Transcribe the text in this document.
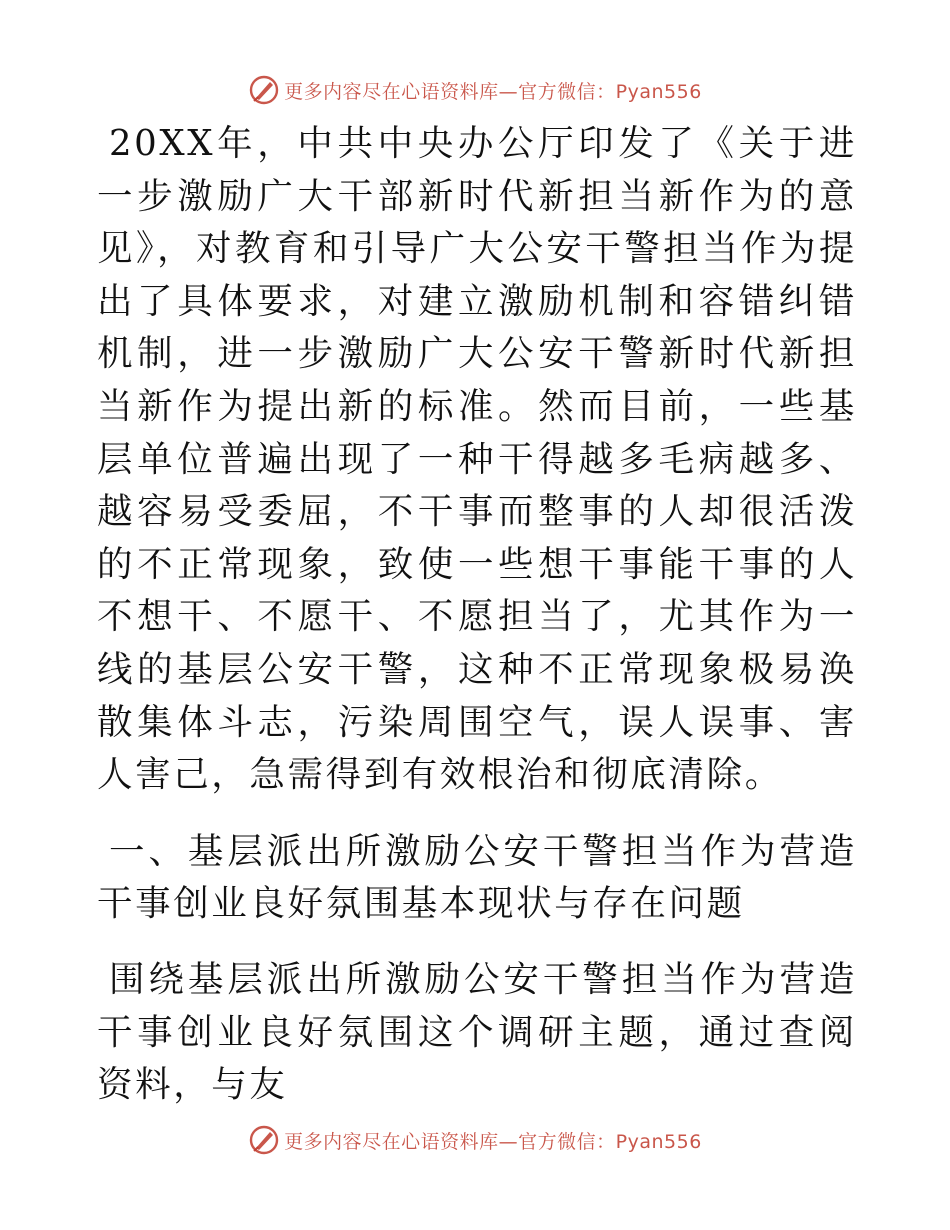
更多内容尽在心语资料库—官方微信：Pyan556

20XX年，中共中央办公厅印发了《关于进一步激励广大干部新时代新担当新作为的意见》，对教育和引导广大公安干警担当作为提出了具体要求，对建立激励机制和容错纠错机制，进一步激励广大公安干警新时代新担当新作为提出新的标准。然而目前，一些基层单位普遍出现了一种干得越多毛病越多、越容易受委屈，不干事而整事的人却很活泼的不正常现象，致使一些想干事能干事的人不想干、不愿干、不愿担当了，尤其作为一线的基层公安干警，这种不正常现象极易涣散集体斗志，污染周围空气，误人误事、害人害己，急需得到有效根治和彻底清除。

一、基层派出所激励公安干警担当作为营造干事创业良好氛围基本现状与存在问题

围绕基层派出所激励公安干警担当作为营造干事创业良好氛围这个调研主题，通过查阅资料，与友

更多内容尽在心语资料库—官方微信：Pyan556
